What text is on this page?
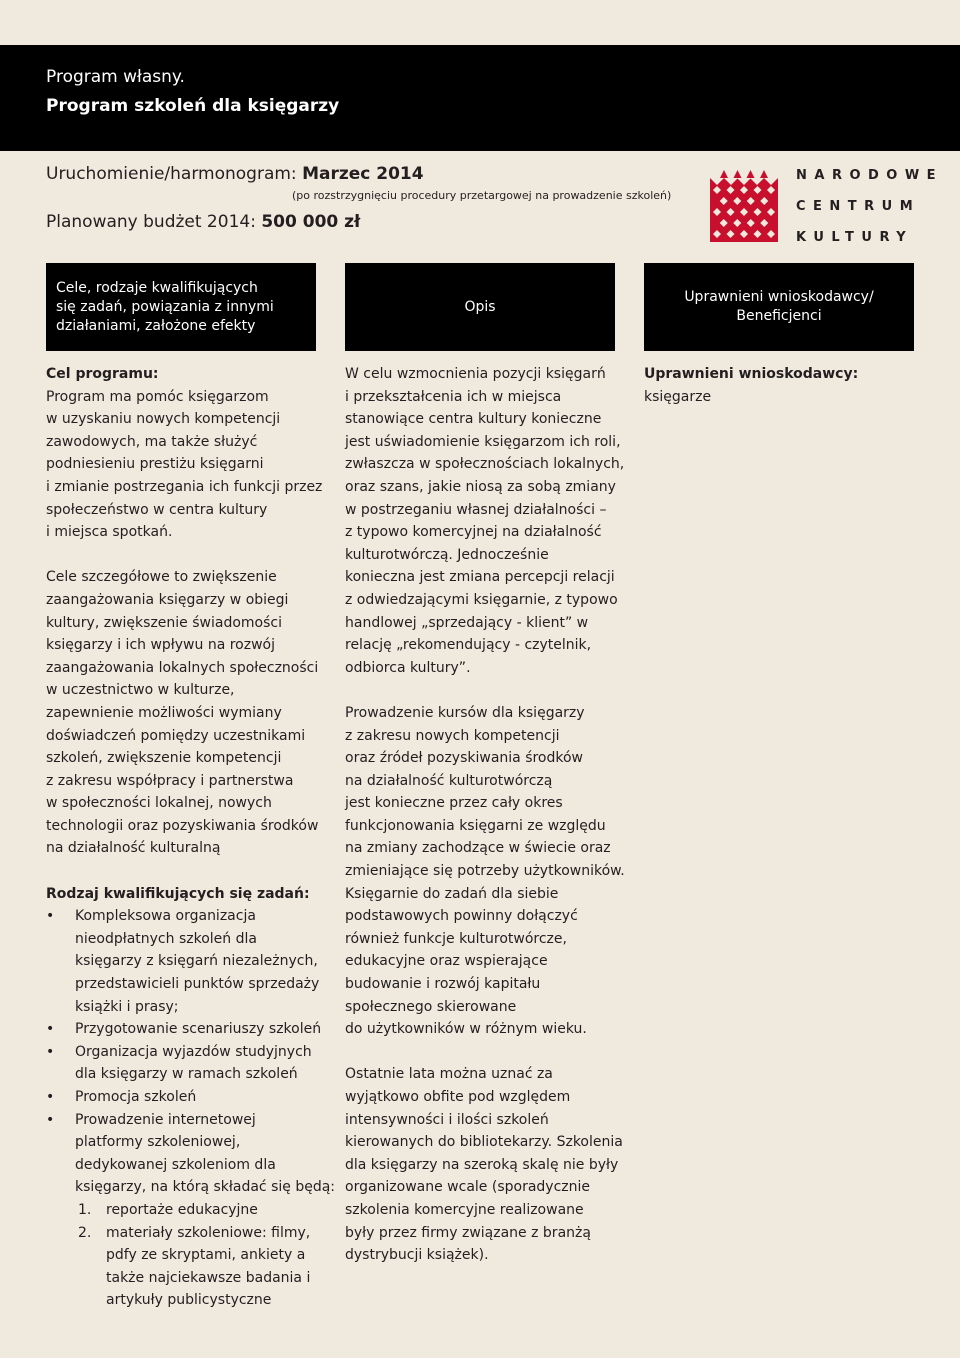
Program własny.
Program szkoleń dla księgarzy
Uruchomienie/harmonogram: Marzec 2014
(po rozstrzygnięciu procedury przetargowej na prowadzenie szkoleń)
Planowany budżet 2014: 500 000 zł
NARODOWE
CENTRUM
KULTURY
Cele, rodzaje kwalifikujących
się zadań, powiązania z innymi
działaniami, założone efekty
Opis
Uprawnieni wnioskodawcy/
Beneficjenci

Cel programu:

Program ma pomóc księgarzom
w uzyskaniu nowych kompetencji
zawodowych, ma także służyć
podniesieniu prestiżu księgarni
i zmianie postrzegania ich funkcji przez
społeczeństwo w centra kultury
i miejsca spotkań.

Cele szczegółowe to zwiększenie
zaangażowania księgarzy w obiegi
kultury, zwiększenie świadomości
księgarzy i ich wpływu na rozwój
zaangażowania lokalnych społeczności
w uczestnictwo w kulturze,
zapewnienie możliwości wymiany
doświadczeń pomiędzy uczestnikami
szkoleń, zwiększenie kompetencji
z zakresu współpracy i partnerstwa
w społeczności lokalnej, nowych
technologii oraz pozyskiwania środków
na działalność kulturalną

Rodzaj kwalifikujących się zadań:

• Kompleksowa organizacja
nieodpłatnych szkoleń dla
księgarzy z księgarń niezależnych,
przedstawicieli punktów sprzedaży
książki i prasy;
• Przygotowanie scenariuszy szkoleń
• Organizacja wyjazdów studyjnych
dla księgarzy w ramach szkoleń
• Promocja szkoleń
• Prowadzenie internetowej
platformy szkoleniowej,
dedykowanej szkoleniom dla
księgarzy, na którą składać się będą:
1. reportaże edukacyjne
2. materiały szkoleniowe: filmy,
pdfy ze skryptami, ankiety a
także najciekawsze badania i
artykuły publicystyczne

W celu wzmocnienia pozycji księgarń
i przekształcenia ich w miejsca
stanowiące centra kultury konieczne
jest uświadomienie księgarzom ich roli,
zwłaszcza w społecznościach lokalnych,
oraz szans, jakie niosą za sobą zmiany
w postrzeganiu własnej działalności –
z typowo komercyjnej na działalność
kulturotwórczą. Jednocześnie
konieczna jest zmiana percepcji relacji
z odwiedzającymi księgarnie, z typowo
handlowej „sprzedający - klient” w
relację „rekomendujący - czytelnik,
odbiorca kultury”.

Prowadzenie kursów dla księgarzy
z zakresu nowych kompetencji
oraz źródeł pozyskiwania środków
na działalność kulturotwórczą
jest konieczne przez cały okres
funkcjonowania księgarni ze względu
na zmiany zachodzące w świecie oraz
zmieniające się potrzeby użytkowników.
Księgarnie do zadań dla siebie
podstawowych powinny dołączyć
również funkcje kulturotwórcze,
edukacyjne oraz wspierające
budowanie i rozwój kapitału
społecznego skierowane
do użytkowników w różnym wieku.

Ostatnie lata można uznać za
wyjątkowo obfite pod względem
intensywności i ilości szkoleń
kierowanych do bibliotekarzy. Szkolenia
dla księgarzy na szeroką skalę nie były
organizowane wcale (sporadycznie
szkolenia komercyjne realizowane
były przez firmy związane z branżą
dystrybucji książek).

Uprawnieni wnioskodawcy:

księgarze
